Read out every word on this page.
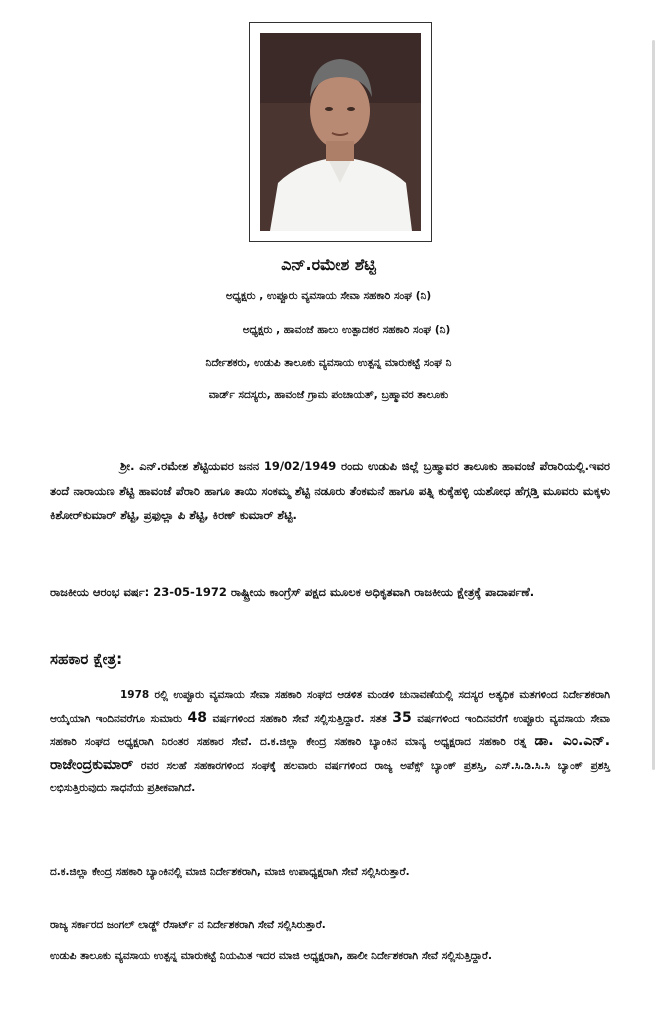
ಎನ್.ರಮೇಶ ಶೆಟ್ಟಿ
ಅಧ್ಯಕ್ಷರು , ಉಪ್ಪೂರು ವ್ಯವಸಾಯ ಸೇವಾ ಸಹಕಾರಿ ಸಂಘ (ನಿ)
ಅಧ್ಯಕ್ಷರು , ಹಾವಂಜೆ ಹಾಲು ಉತ್ಪಾದಕರ ಸಹಕಾರಿ ಸಂಘ (ನಿ)
ನಿರ್ದೇಶಕರು, ಉಡುಪಿ ತಾಲೂಕು ವ್ಯವಸಾಯ ಉತ್ಪನ್ನ ಮಾರುಕಟ್ಟೆ ಸಂಘ ನಿ
ವಾರ್ಡ್ ಸದಸ್ಯರು, ಹಾವಂಜೆ ಗ್ರಾಮ ಪಂಚಾಯತ್, ಬ್ರಹ್ಮಾವರ ತಾಲೂಕು
ಶ್ರೀ. ಎನ್.ರಮೇಶ ಶೆಟ್ಟಿಯವರ ಜನನ 19/02/1949 ರಂದು ಉಡುಪಿ ಜಿಲ್ಲೆ ಬ್ರಹ್ಮಾವರ ತಾಲೂಕು ಹಾವಂಜೆ ಪೆರಾರಿಯಲ್ಲಿ.ಇವರ ತಂದೆ ನಾರಾಯಣ ಶೆಟ್ಟಿ ಹಾವಂಜೆ ಪೆರಾರಿ ಹಾಗೂ ತಾಯಿ ಸಂಕಮ್ಮ ಶೆಟ್ಟಿ ನಡೂರು ತೆಂಕಮನೆ ಹಾಗೂ ಪತ್ನಿ ಕುಕ್ಕೆಹಳ್ಳಿ ಯಶೋಧ ಹೆಗ್ಗಡ್ತಿ ಮೂವರು ಮಕ್ಕಳು ಕಿಶೋರ್‌ಕುಮಾರ್ ಶೆಟ್ಟಿ, ಪ್ರಫುಲ್ಲಾ ಪಿ ಶೆಟ್ಟಿ, ಕಿರಣ್ ಕುಮಾರ್ ಶೆಟ್ಟಿ.
ರಾಜಕೀಯ ಆರಂಭ ವರ್ಷ: 23-05-1972 ರಾಷ್ಟ್ರೀಯ ಕಾಂಗ್ರೆಸ್ ಪಕ್ಷದ ಮೂಲಕ ಅಧಿಕೃತವಾಗಿ ರಾಜಕೀಯ ಕ್ಷೇತ್ರಕ್ಕೆ ಪಾದಾರ್ಪಣೆ.
ಸಹಕಾರ ಕ್ಷೇತ್ರ:
1978 ರಲ್ಲಿ ಉಪ್ಪೂರು ವ್ಯವಸಾಯ ಸೇವಾ ಸಹಕಾರಿ ಸಂಘದ ಆಡಳಿತ ಮಂಡಳಿ ಚುನಾವಣೆಯಲ್ಲಿ ಸದಸ್ಯರ ಅತ್ಯಧಿಕ ಮತಗಳಿಂದ ನಿರ್ದೇಶಕರಾಗಿ ಆಯ್ಕೆಯಾಗಿ ಇಂದಿನವರೆಗೂ ಸುಮಾರು 48 ವರ್ಷಗಳಿಂದ ಸಹಕಾರಿ ಸೇವೆ ಸಲ್ಲಿಸುತ್ತಿದ್ದಾರೆ. ಸತತ 35 ವರ್ಷಗಳಿಂದ ಇಂದಿನವರೆಗೆ ಉಪ್ಪೂರು ವ್ಯವಸಾಯ ಸೇವಾ ಸಹಕಾರಿ ಸಂಘದ ಅಧ್ಯಕ್ಷರಾಗಿ ನಿರಂತರ ಸಹಕಾರ ಸೇವೆ. ದ.ಕ.ಜಿಲ್ಲಾ ಕೇಂದ್ರ ಸಹಕಾರಿ ಬ್ಯಾಂಕಿನ ಮಾನ್ಯ ಅಧ್ಯಕ್ಷರಾದ ಸಹಕಾರಿ ರತ್ನ ಡಾ. ಎಂ.ಎನ್. ರಾಜೇಂದ್ರಕುಮಾರ್ ರವರ ಸಲಹೆ ಸಹಕಾರಗಳಿಂದ ಸಂಘಕ್ಕೆ ಹಲವಾರು ವರ್ಷಗಳಿಂದ ರಾಜ್ಯ ಅಪೆಕ್ಸ್ ಬ್ಯಾಂಕ್ ಪ್ರಶಸ್ತಿ, ಎಸ್.ಸಿ.ಡಿ.ಸಿ.ಸಿ ಬ್ಯಾಂಕ್ ಪ್ರಶಸ್ತಿ ಲಭಿಸುತ್ತಿರುವುದು ಸಾಧನೆಯ ಪ್ರತೀಕವಾಗಿದೆ.
ದ.ಕ.ಜಿಲ್ಲಾ ಕೇಂದ್ರ ಸಹಕಾರಿ ಬ್ಯಾಂಕಿನಲ್ಲಿ ಮಾಜಿ ನಿರ್ದೇಶಕರಾಗಿ, ಮಾಜಿ ಉಪಾಧ್ಯಕ್ಷರಾಗಿ ಸೇವೆ ಸಲ್ಲಿಸಿರುತ್ತಾರೆ.
ರಾಜ್ಯ ಸರ್ಕಾರದ ಜಂಗಲ್ ಲಾಡ್ಜ್ ರೆಸಾರ್ಟ್ ನ ನಿರ್ದೇಶಕರಾಗಿ ಸೇವೆ ಸಲ್ಲಿಸಿರುತ್ತಾರೆ.
ಉಡುಪಿ ತಾಲೂಕು ವ್ಯವಸಾಯ ಉತ್ಪನ್ನ ಮಾರುಕಟ್ಟೆ ನಿಯಮಿತ ಇದರ ಮಾಜಿ ಅಧ್ಯಕ್ಷರಾಗಿ, ಹಾಲೀ ನಿರ್ದೇಶಕರಾಗಿ ಸೇವೆ ಸಲ್ಲಿಸುತ್ತಿದ್ದಾರೆ.
